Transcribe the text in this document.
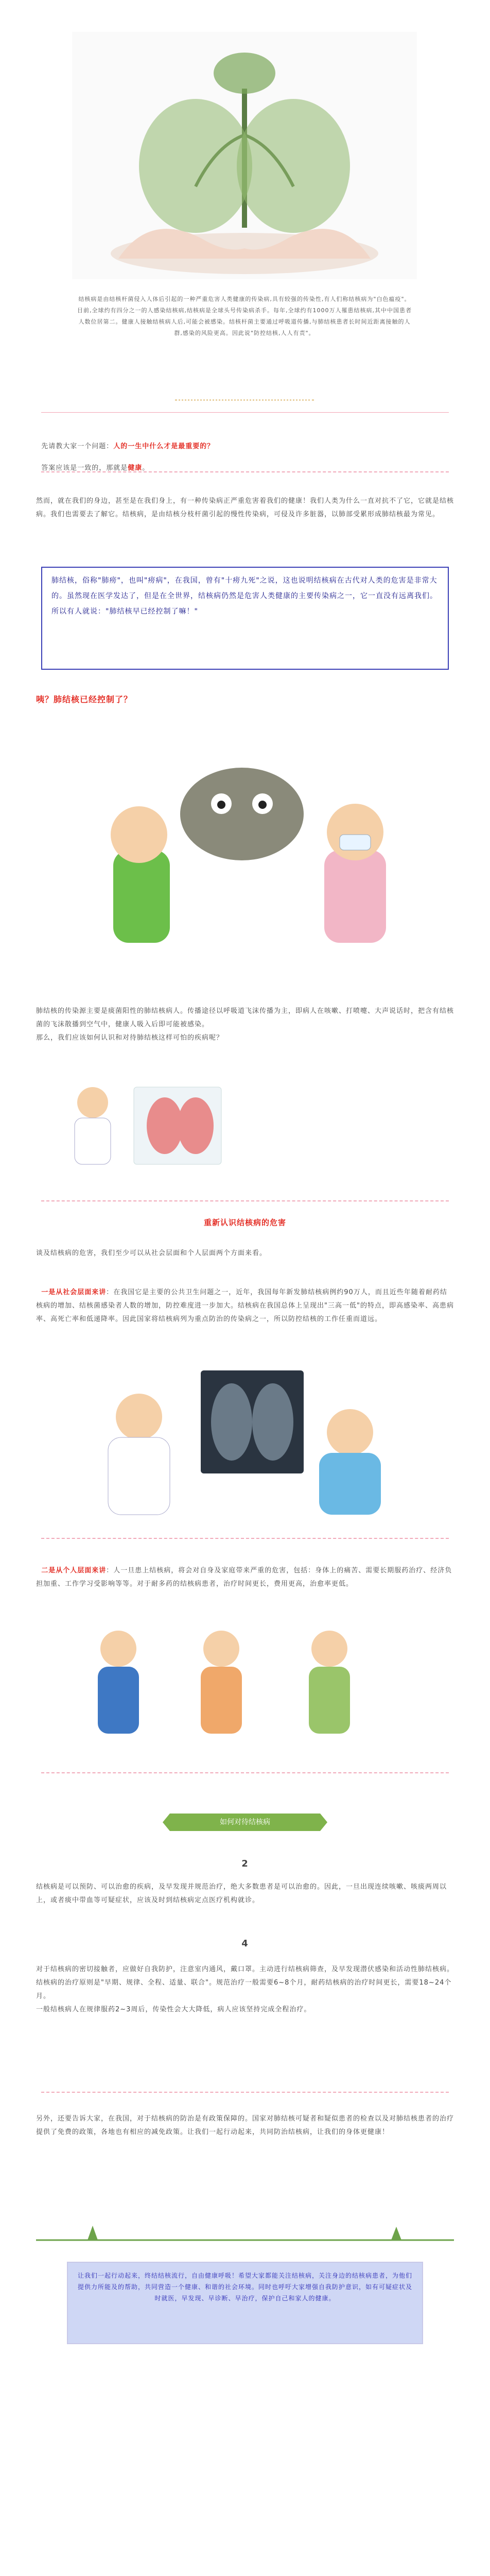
结核病是由结核杆菌侵入人体后引起的一种严重危害人类健康的传染病,具有较强的传染性,有人们称结核病为"白色瘟疫"。目前,全球约有四分之一的人感染结核病,结核病是全球头号传染病杀手。每年,全球约有1000万人罹患结核病,其中中国患者人数位居第二。健康人接触结核病人后,可能会被感染。结核杆菌主要通过呼吸道传播,与肺结核患者长时间近距离接触的人群,感染的风险更高。因此说"防控结核,人人有责"。

先请教大家一个问题：人的一生中什么才是最重要的？

答案应该是一致的，那就是健康。

然而，就在我们的身边，甚至是在我们身上，有一种传染病正严重危害着我们的健康！我们人类为什么一直对抗不了它，它就是结核病。我们也需要去了解它。结核病，是由结核分枝杆菌引起的慢性传染病，可侵及许多脏器，以肺部受累形成肺结核最为常见。
肺结核，俗称"肺痨"，也叫"痨病"，在我国，曾有"十痨九死"之说，这也说明结核病在古代对人类的危害是非常大的。虽然现在医学发达了，但是在全世界，结核病仍然是危害人类健康的主要传染病之一，它一直没有远离我们。
所以有人就说："肺结核早已经控制了嘛！"
咦？肺结核已经控制了？
肺结核的传染源主要是痰菌阳性的肺结核病人。传播途径以呼吸道飞沫传播为主，即病人在咳嗽、打喷嚏、大声说话时，把含有结核菌的飞沫散播到空气中，健康人吸入后即可能被感染。
那么，我们应该如何认识和对待肺结核这样可怕的疾病呢？
重新认识结核病的危害
谈及结核病的危害，我们至少可以从社会层面和个人层面两个方面来看。

一是从社会层面来讲：在我国它是主要的公共卫生问题之一，近年，我国每年新发肺结核病例约90万人，而且近些年随着耐药结核病的增加、结核菌感染者人数的增加，防控难度进一步加大。结核病在我国总体上呈现出"三高一低"的特点，即高感染率、高患病率、高死亡率和低递降率。因此国家将结核病列为重点防治的传染病之一，所以防控结核的工作任重而道远。

二是从个人层面来讲：人一旦患上结核病，将会对自身及家庭带来严重的危害，包括：身体上的痛苦、需要长期服药治疗、经济负担加重、工作学习受影响等等。对于耐多药的结核病患者，治疗时间更长，费用更高，治愈率更低。

如何对待结核病
2
结核病是可以预防、可以治愈的疾病，及早发现并规范治疗，绝大多数患者是可以治愈的。因此，一旦出现连续咳嗽、咳痰两周以上，或者痰中带血等可疑症状，应该及时到结核病定点医疗机构就诊。
4
对于结核病的密切接触者，应做好自我防护，注意室内通风，戴口罩。主动进行结核病筛查，及早发现潜伏感染和活动性肺结核病。
结核病的治疗原则是"早期、规律、全程、适量、联合"。规范治疗一般需要6~8个月，耐药结核病的治疗时间更长，需要18~24个月。
一般结核病人在规律服药2~3周后，传染性会大大降低，病人应该坚持完成全程治疗。
另外，还要告诉大家，在我国，对于结核病的防治是有政策保障的。国家对肺结核可疑者和疑似患者的检查以及对肺结核患者的治疗提供了免费的政策，各地也有相应的减免政策。让我们一起行动起来，共同防治结核病，让我们的身体更健康！
让我们一起行动起来，终结结核流行，自由健康呼吸！希望大家都能关注结核病，关注身边的结核病患者，为他们提供力所能及的帮助，共同营造一个健康、和谐的社会环境。同时也呼吁大家增强自我防护意识，如有可疑症状及时就医，早发现、早诊断、早治疗，保护自己和家人的健康。
